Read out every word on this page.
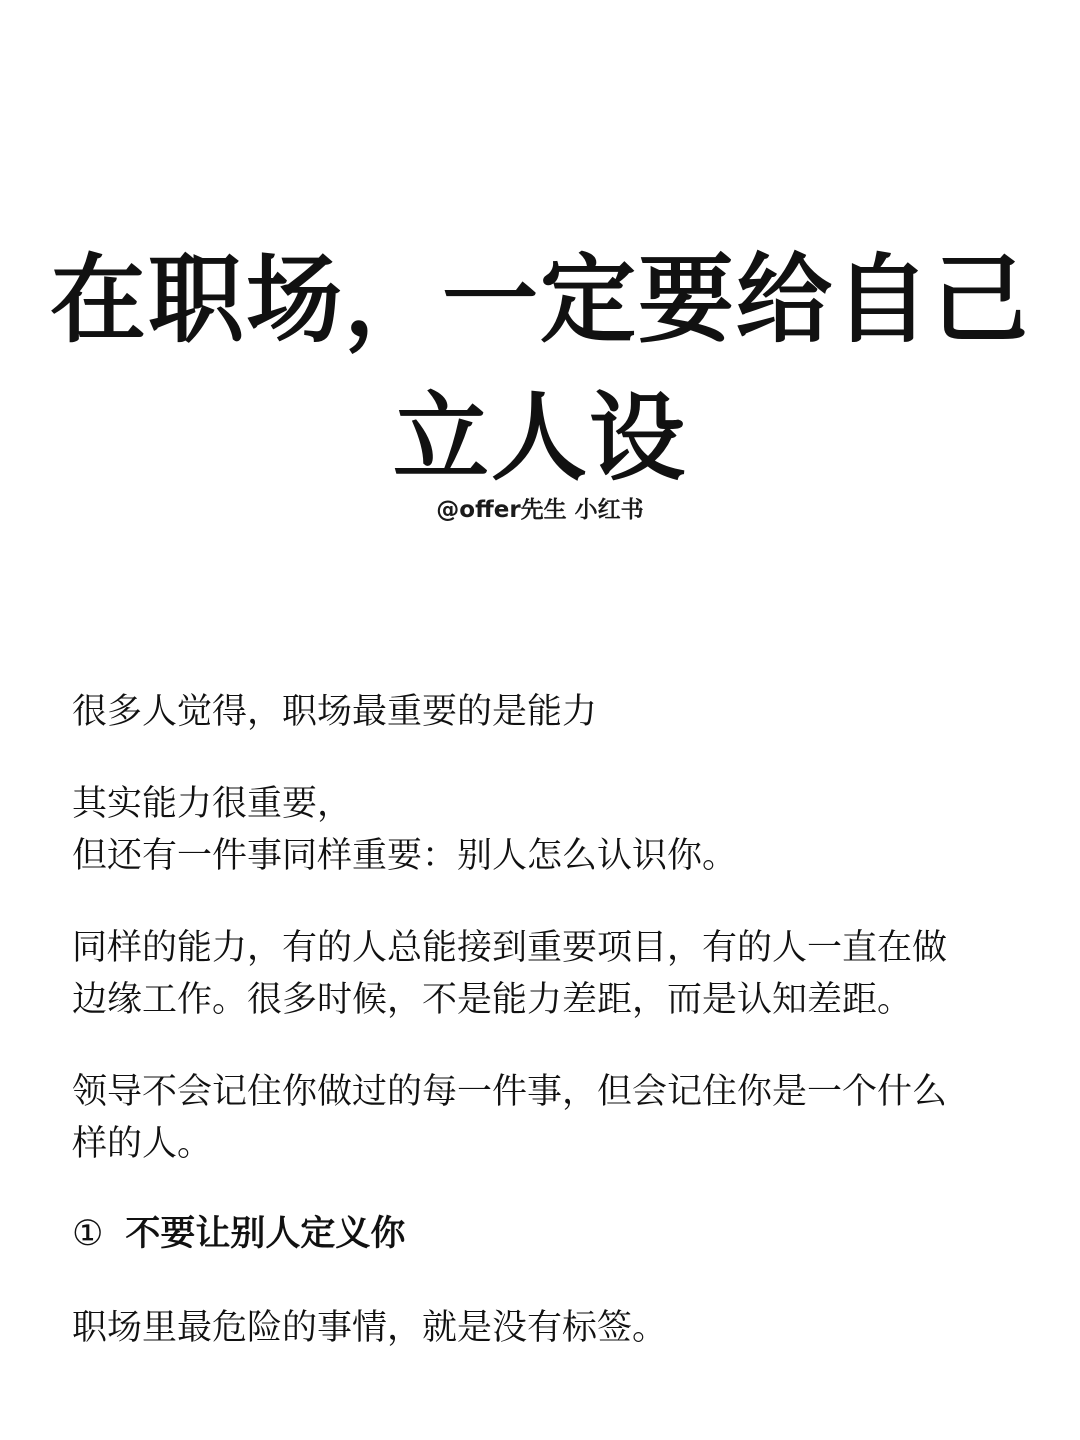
在职场，一定要给自己
立人设
@offer先生 小红书

很多人觉得，职场最重要的是能力

其实能力很重要，
但还有一件事同样重要：别人怎么认识你。

同样的能力，有的人总能接到重要项目，有的人一直在做
边缘工作。很多时候，不是能力差距，而是认知差距。

领导不会记住你做过的每一件事，但会记住你是一个什么
样的人。

① 不要让别人定义你

职场里最危险的事情，就是没有标签。
